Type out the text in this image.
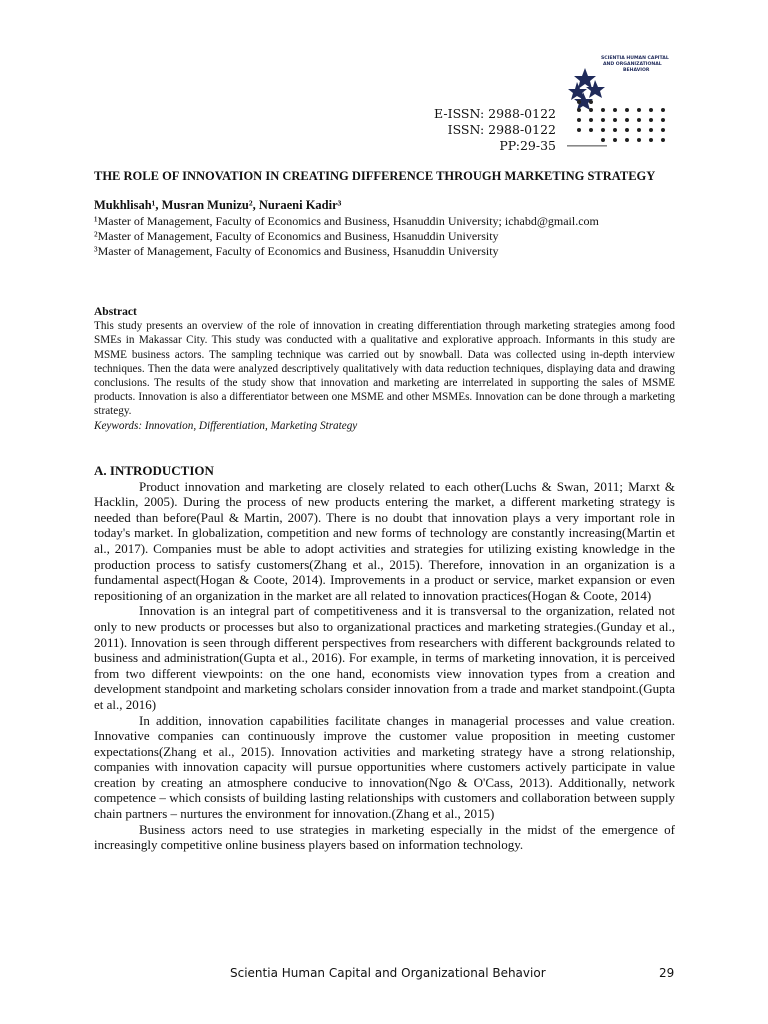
SCIENTIA HUMAN CAPITAL
AND ORGANIZATIONAL
BEHAVIOR
E-ISSN: 2988-0122
ISSN: 2988-0122
PP:29-35
THE ROLE OF INNOVATION IN CREATING DIFFERENCE THROUGH MARKETING STRATEGY
Mukhlisah¹, Musran Munizu², Nuraeni Kadir³
¹Master of Management, Faculty of Economics and Business, Hsanuddin University; ichabd@gmail.com
²Master of Management, Faculty of Economics and Business, Hsanuddin University
³Master of Management, Faculty of Economics and Business, Hsanuddin University
Abstract
This study presents an overview of the role of innovation in creating differentiation through marketing strategies among food SMEs in Makassar City. This study was conducted with a qualitative and explorative approach. Informants in this study are MSME business actors. The sampling technique was carried out by snowball. Data was collected using in-depth interview techniques. Then the data were analyzed descriptively qualitatively with data reduction techniques, displaying data and drawing conclusions. The results of the study show that innovation and marketing are interrelated in supporting the sales of MSME products. Innovation is also a differentiator between one MSME and other MSMEs. Innovation can be done through a marketing strategy.
Keywords: Innovation, Differentiation, Marketing Strategy
A. INTRODUCTION

Product innovation and marketing are closely related to each other(Luchs & Swan, 2011; Marxt & Hacklin, 2005). During the process of new products entering the market, a different marketing strategy is needed than before(Paul & Martin, 2007). There is no doubt that innovation plays a very important role in today's market. In globalization, competition and new forms of technology are constantly increasing(Martin et al., 2017). Companies must be able to adopt activities and strategies for utilizing existing knowledge in the production process to satisfy customers(Zhang et al., 2015). Therefore, innovation in an organization is a fundamental aspect(Hogan & Coote, 2014). Improvements in a product or service, market expansion or even repositioning of an organization in the market are all related to innovation practices(Hogan & Coote, 2014)

Innovation is an integral part of competitiveness and it is transversal to the organization, related not only to new products or processes but also to organizational practices and marketing strategies.(Gunday et al., 2011). Innovation is seen through different perspectives from researchers with different backgrounds related to business and administration(Gupta et al., 2016). For example, in terms of marketing innovation, it is perceived from two different viewpoints: on the one hand, economists view innovation types from a creation and development standpoint and marketing scholars consider innovation from a trade and market standpoint.(Gupta et al., 2016)

In addition, innovation capabilities facilitate changes in managerial processes and value creation. Innovative companies can continuously improve the customer value proposition in meeting customer expectations(Zhang et al., 2015). Innovation activities and marketing strategy have a strong relationship, companies with innovation capacity will pursue opportunities where customers actively participate in value creation by creating an atmosphere conducive to innovation(Ngo & O'Cass, 2013). Additionally, network competence – which consists of building lasting relationships with customers and collaboration between supply chain partners – nurtures the environment for innovation.(Zhang et al., 2015)

Business actors need to use strategies in marketing especially in the midst of the emergence of increasingly competitive online business players based on information technology.

Scientia Human Capital and Organizational Behavior	29
